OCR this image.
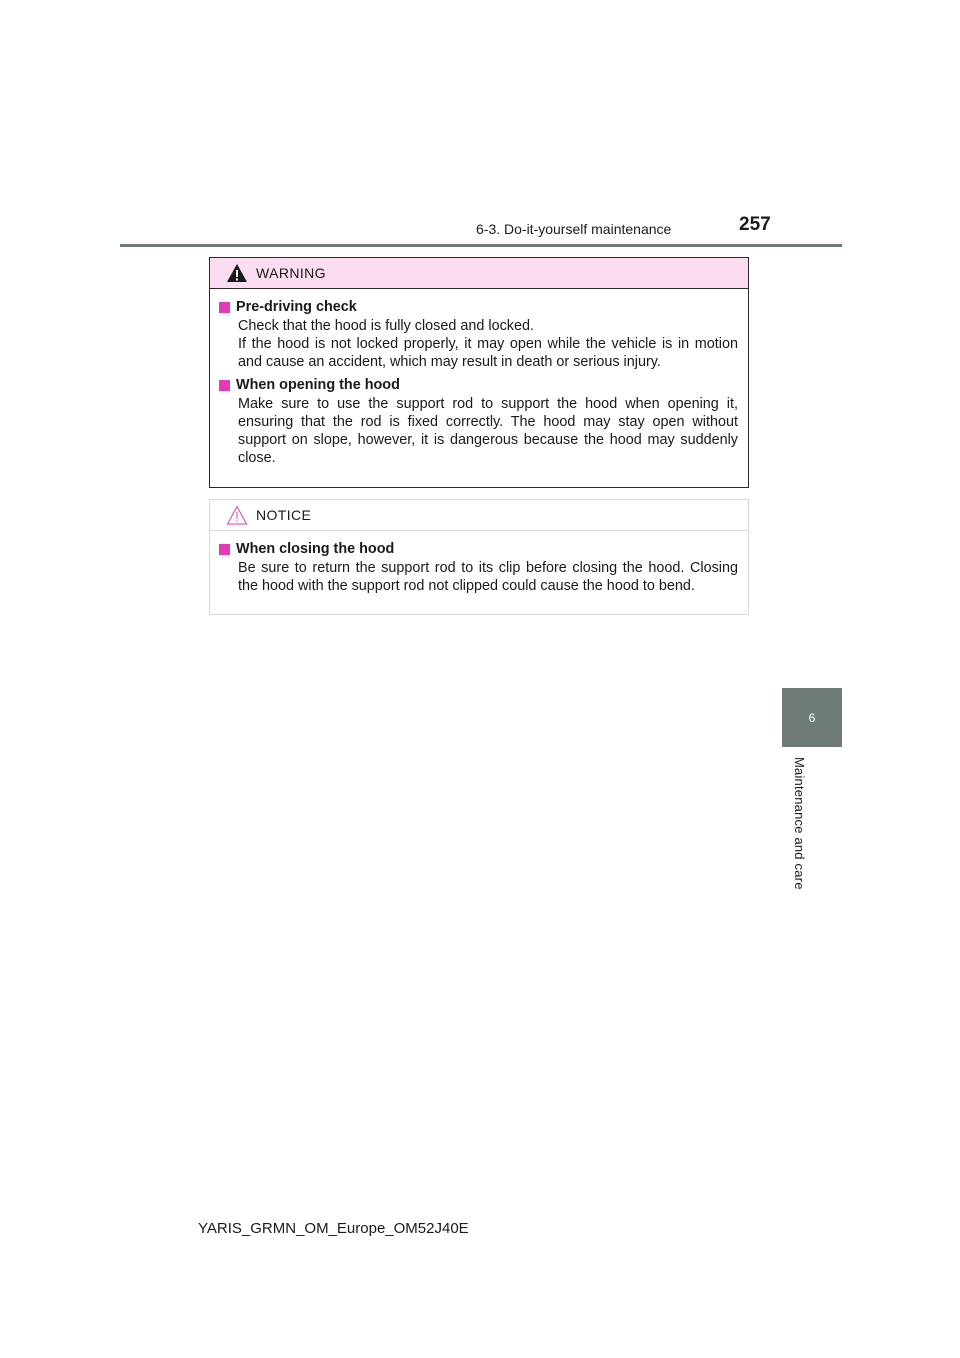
6-3. Do-it-yourself maintenance	257
6
Maintenance and care
WARNING
Pre-driving check

Check that the hood is fully closed and locked.

If the hood is not locked properly, it may open while the vehicle is in motion and cause an accident, which may result in death or serious injury.

When opening the hood

Make sure to use the support rod to support the hood when opening it, ensuring that the rod is fixed correctly. The hood may stay open without support on slope, however, it is dangerous because the hood may suddenly close.

NOTICE
When closing the hood

Be sure to return the support rod to its clip before closing the hood. Closing the hood with the support rod not clipped could cause the hood to bend.

YARIS_GRMN_OM_Europe_OM52J40E
